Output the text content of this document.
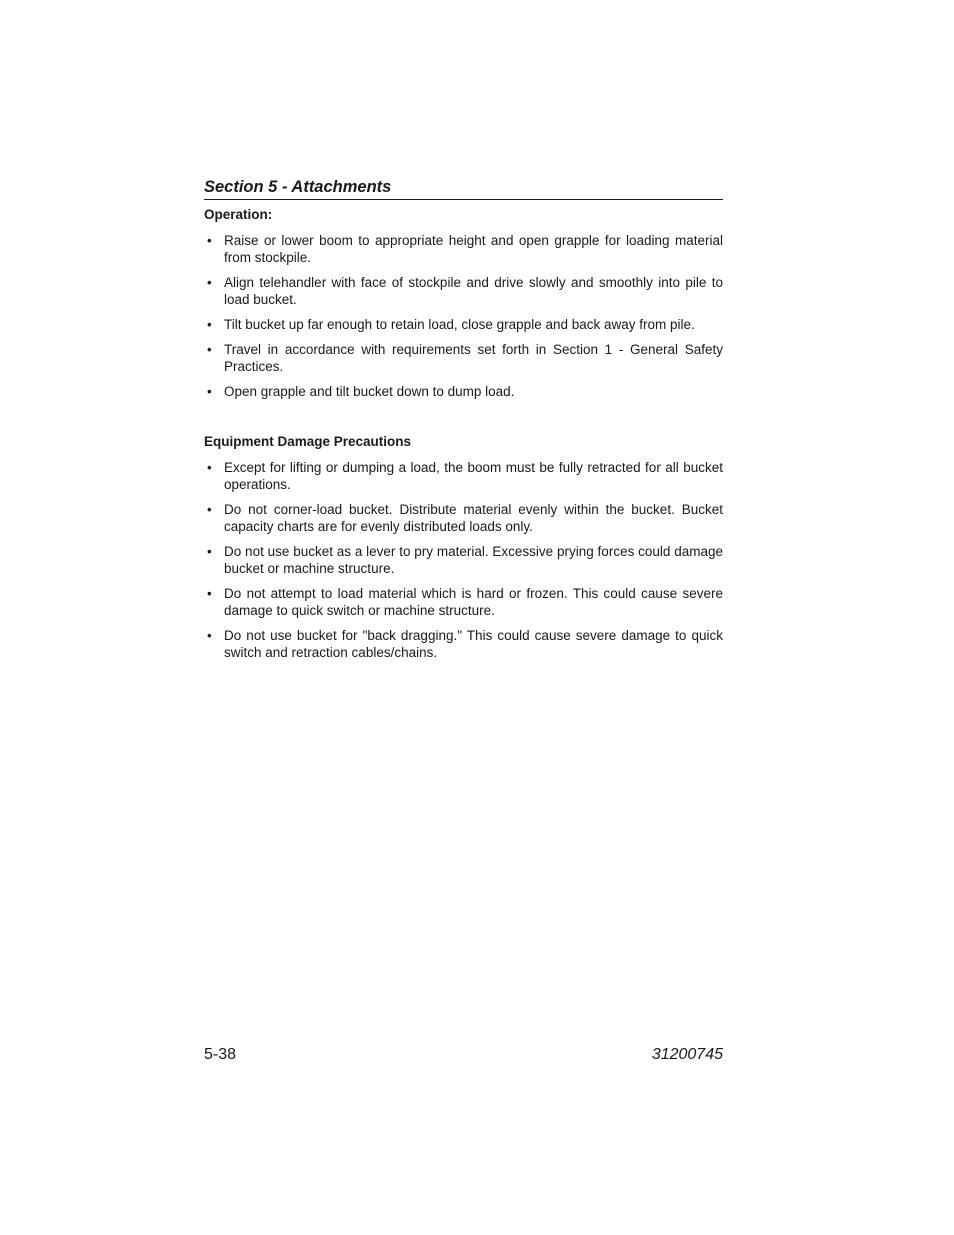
Section 5 - Attachments
Operation:
• Raise or lower boom to appropriate height and open grapple for loading material from stockpile.
• Align telehandler with face of stockpile and drive slowly and smoothly into pile to load bucket.
• Tilt bucket up far enough to retain load, close grapple and back away from pile.
• Travel in accordance with requirements set forth in Section 1 - General Safety Practices.
• Open grapple and tilt bucket down to dump load.
Equipment Damage Precautions
• Except for lifting or dumping a load, the boom must be fully retracted for all bucket operations.
• Do not corner-load bucket. Distribute material evenly within the bucket. Bucket capacity charts are for evenly distributed loads only.
• Do not use bucket as a lever to pry material. Excessive prying forces could damage bucket or machine structure.
• Do not attempt to load material which is hard or frozen. This could cause severe damage to quick switch or machine structure.
• Do not use bucket for "back dragging." This could cause severe damage to quick switch and retraction cables/chains.
5-38	31200745
